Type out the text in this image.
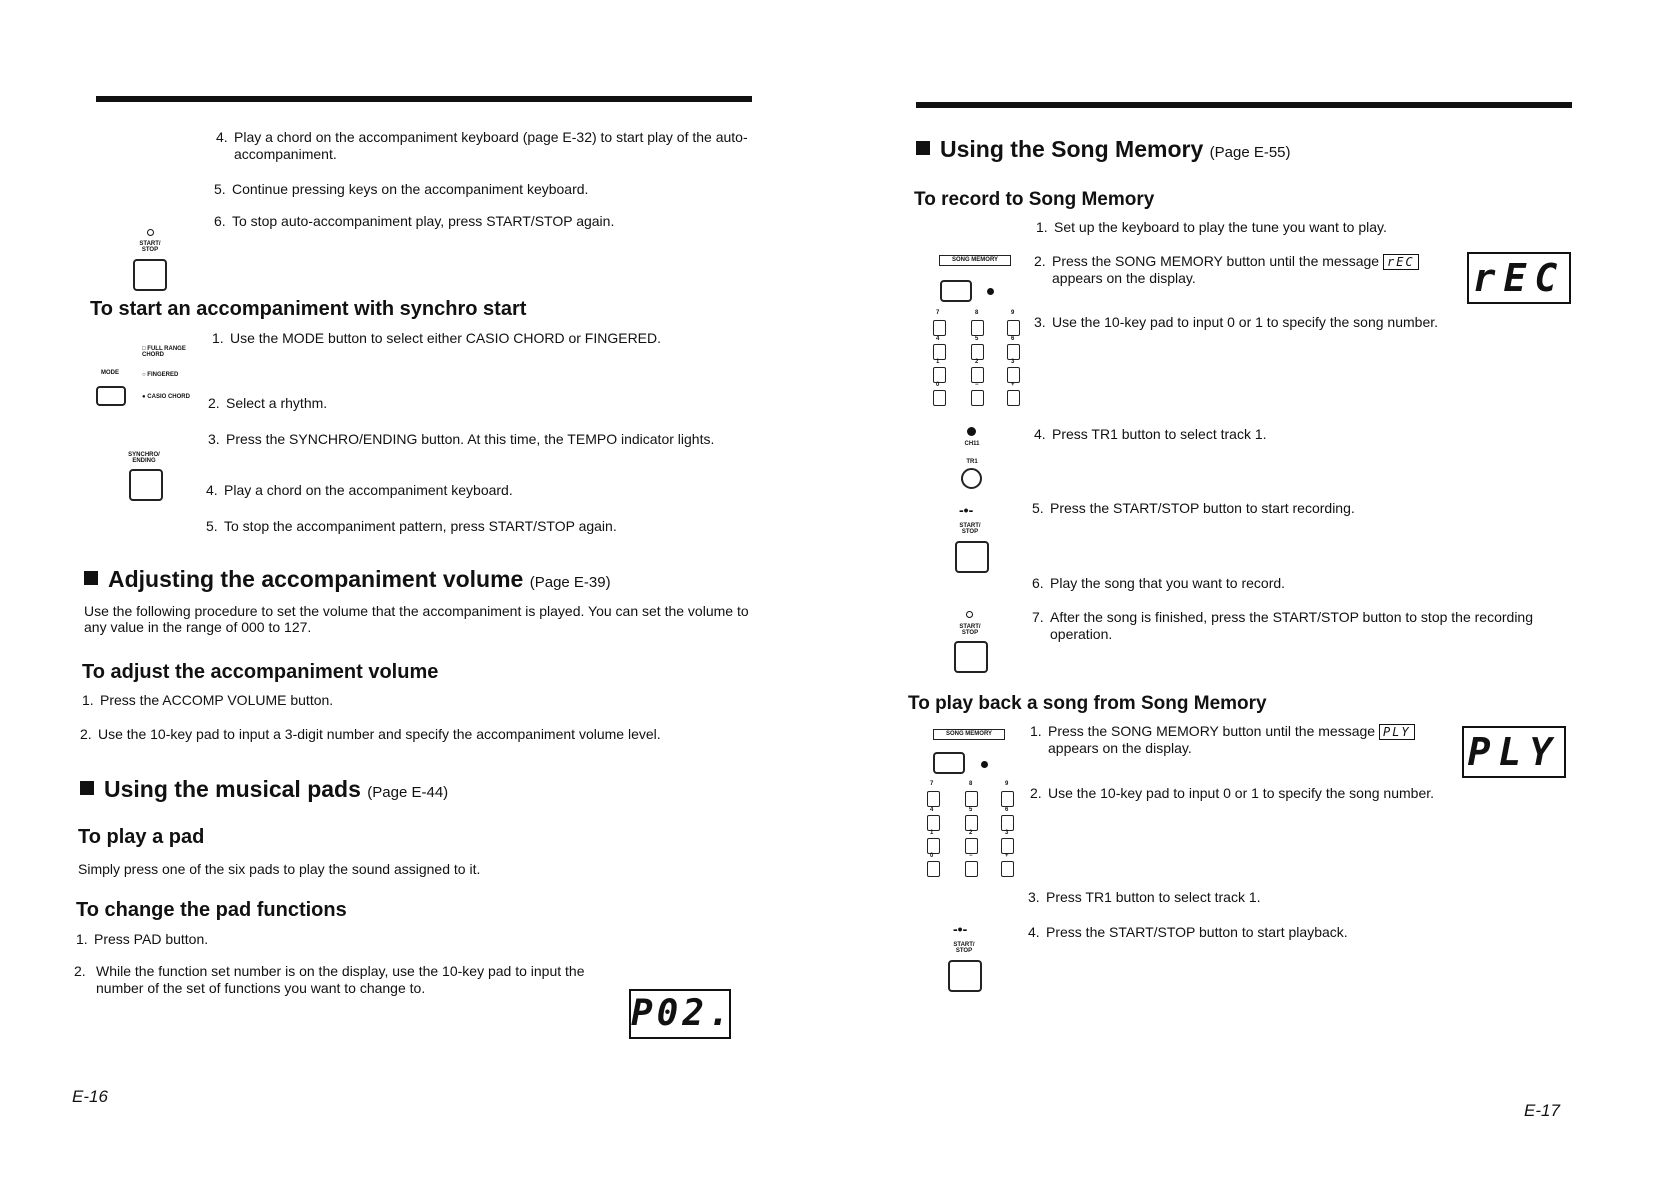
4. Play a chord on the accompaniment keyboard (page E-32) to start play of the auto-accompaniment.
5. Continue pressing keys on the accompaniment keyboard.
6. To stop auto-accompaniment play, press START/STOP again.
START/ STOP
To start an accompaniment with synchro start
1. Use the MODE button to select either CASIO CHORD or FINGERED.
□ FULL RANGE CHORD
MODE	○ FINGERED
● CASIO CHORD	2. Select a rhythm.
3. Press the SYNCHRO/ENDING button. At this time, the TEMPO indicator lights.
SYNCHRO/ ENDING
4. Play a chord on the accompaniment keyboard.
5. To stop the accompaniment pattern, press START/STOP again.
Adjusting the accompaniment volume (Page E-39)
Use the following procedure to set the volume that the accompaniment is played. You can set the volume to any value in the range of 000 to 127.
To adjust the accompaniment volume
1. Press the ACCOMP VOLUME button.
2. Use the 10-key pad to input a 3-digit number and specify the accompaniment volume level.
Using the musical pads (Page E-44)
To play a pad
Simply press one of the six pads to play the sound assigned to it.
To change the pad functions
1. Press PAD button.
2. While the function set number is on the display, use the 10-key pad to input the number of the set of functions you want to change to.
P02.
E-16
Using the Song Memory (Page E-55)
To record to Song Memory
1. Set up the keyboard to play the tune you want to play.
SONG MEMORY	2. Press the SONG MEMORY button until the message rEC
appears on the display.	rEC
7	8	9
4	5	6
1	2	3
0	−	+
3. Use the 10-key pad to input 0 or 1 to specify the song number.
CH11
TR1
4. Press TR1 button to select track 1.
-•-
START/ STOP
5. Press the START/STOP button to start recording.
6. Play the song that you want to record.
START/ STOP
7. After the song is finished, press the START/STOP button to stop the recording operation.
To play back a song from Song Memory
SONG MEMORY	1. Press the SONG MEMORY button until the message PLY
appears on the display.	PLY
7	8	9
4	5	6
1	2	3
0	−	+
2. Use the 10-key pad to input 0 or 1 to specify the song number.
3. Press TR1 button to select track 1.
-•-
START/ STOP
4. Press the START/STOP button to start playback.
E-17
